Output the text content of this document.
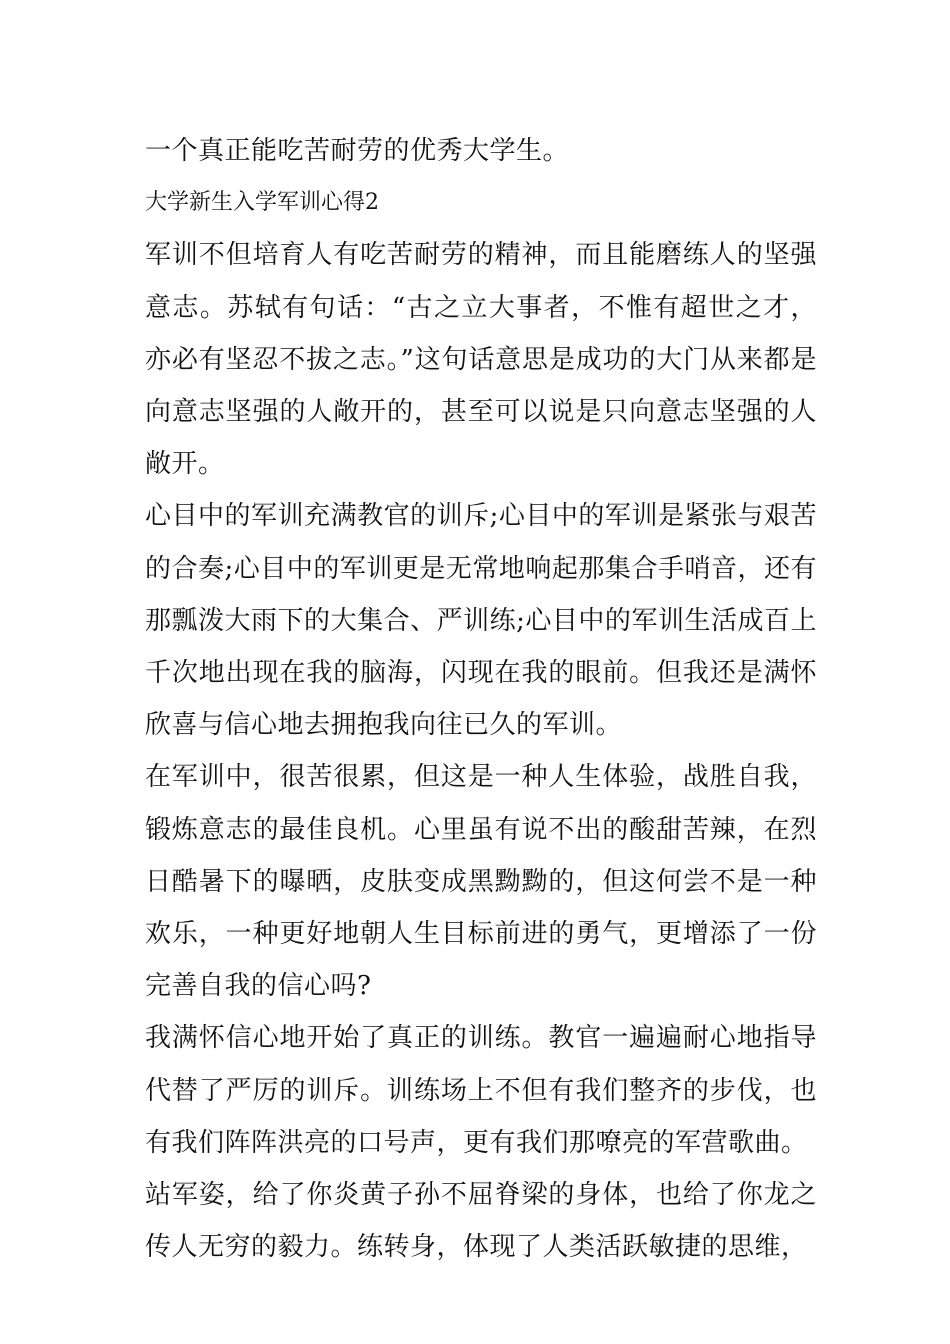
一个真正能吃苦耐劳的优秀大学生。

大学新生入学军训心得2

军训不但培育人有吃苦耐劳的精神，而且能磨练人的坚强意志。苏轼有句话：“古之立大事者，不惟有超世之才，亦必有坚忍不拔之志。”这句话意思是成功的大门从来都是向意志坚强的人敞开的，甚至可以说是只向意志坚强的人敞开。

心目中的军训充满教官的训斥;心目中的军训是紧张与艰苦的合奏;心目中的军训更是无常地响起那集合手哨音，还有那瓢泼大雨下的大集合、严训练;心目中的军训生活成百上千次地出现在我的脑海，闪现在我的眼前。但我还是满怀欣喜与信心地去拥抱我向往已久的军训。

在军训中，很苦很累，但这是一种人生体验，战胜自我，锻炼意志的最佳良机。心里虽有说不出的酸甜苦辣，在烈日酷暑下的曝晒，皮肤变成黑黝黝的，但这何尝不是一种欢乐，一种更好地朝人生目标前进的勇气，更增添了一份完善自我的信心吗?

我满怀信心地开始了真正的训练。教官一遍遍耐心地指导代替了严厉的训斥。训练场上不但有我们整齐的步伐，也有我们阵阵洪亮的口号声，更有我们那嘹亮的军营歌曲。

站军姿，给了你炎黄子孙不屈脊梁的身体，也给了你龙之传人无穷的毅力。练转身，体现了人类活跃敏捷的思维，
